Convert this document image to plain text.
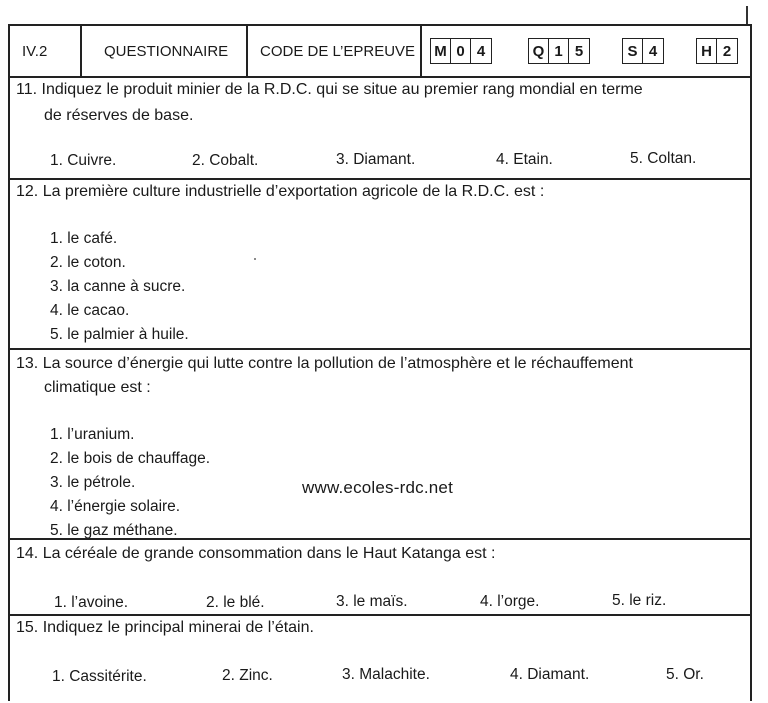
IV.2	QUESTIONNAIRE	CODE DE L’EPREUVE	M 0 4	Q 1 5	S 4	H 2
11. Indiquez le produit minier de la R.D.C. qui se situe au premier rang mondial en terme
de réserves de base.
1. Cuivre.	2. Cobalt.	3. Diamant.	4. Etain.	5. Coltan.
12. La première culture industrielle d’exportation agricole de la R.D.C. est :
1. le café.
2. le coton.
3. la canne à sucre.
4. le cacao.
5. le palmier à huile.
13. La source d’énergie qui lutte contre la pollution de l’atmosphère et le réchauffement
climatique est :
1. l’uranium.
2. le bois de chauffage.
3. le pétrole.
4. l’énergie solaire.
5. le gaz méthane.
www.ecoles-rdc.net
14. La céréale de grande consommation dans le Haut Katanga est :
1. l’avoine.	2. le blé.	3. le maïs.	4. l’orge.	5. le riz.
15. Indiquez le principal minerai de l’étain.
1. Cassitérite.	2. Zinc.	3. Malachite.	4. Diamant.	5. Or.
